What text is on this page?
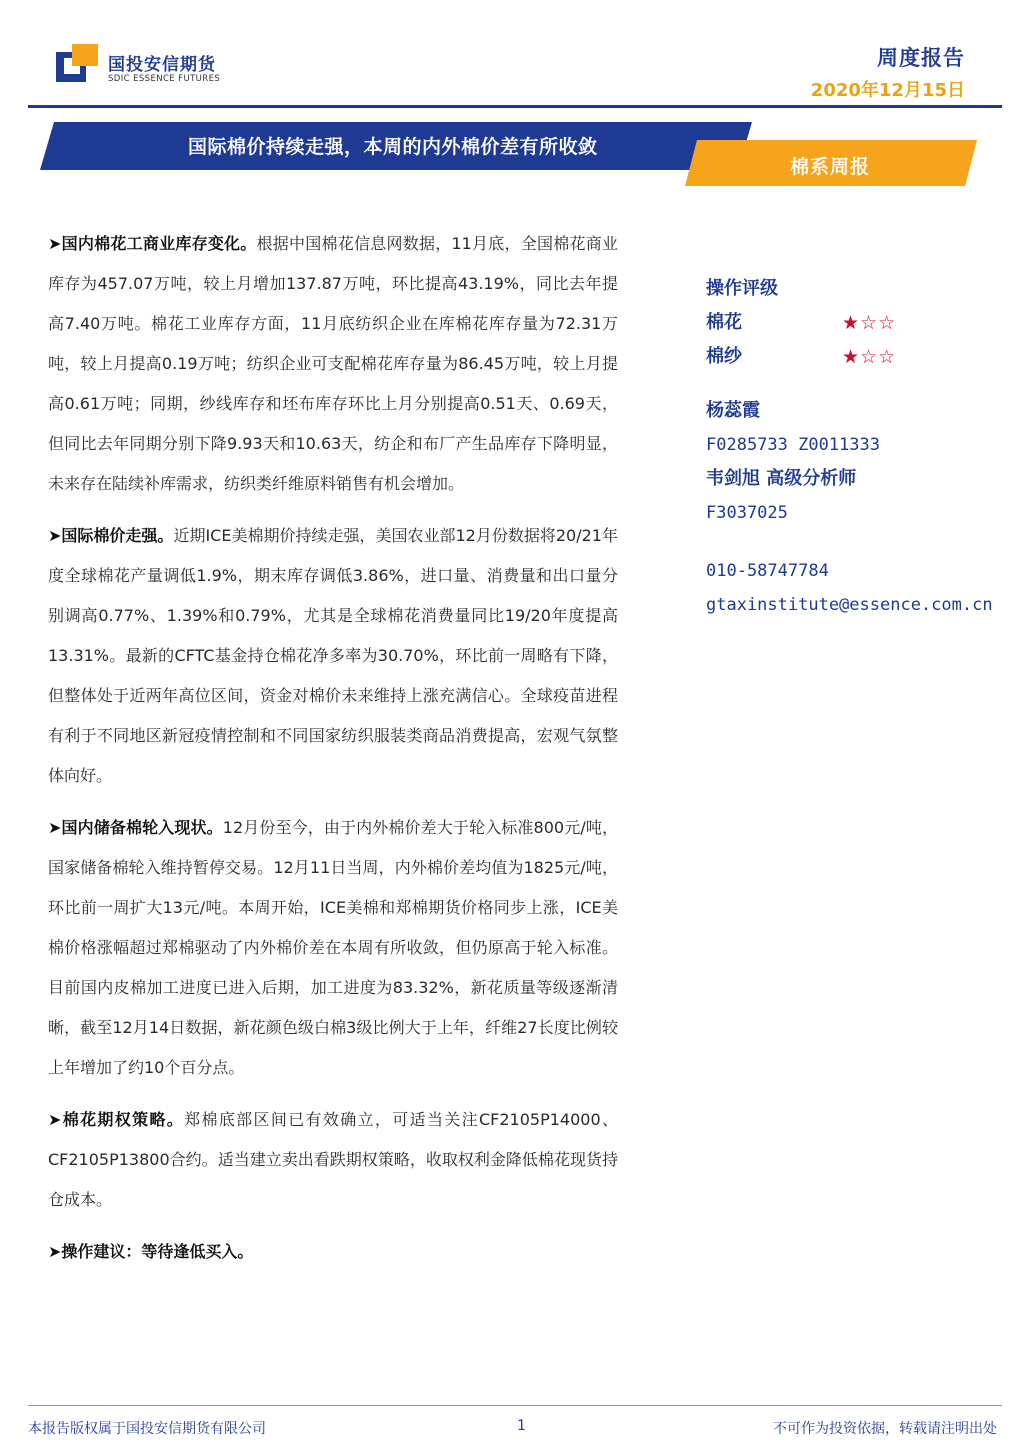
国投安信期货
SDIC ESSENCE FUTURES
周度报告
2020年12月15日
国际棉价持续走强，本周的内外棉价差有所收敛
棉系周报

➤国内棉花工商业库存变化。根据中国棉花信息网数据，11月底，全国棉花商业库存为457.07万吨，较上月增加137.87万吨，环比提高43.19%，同比去年提高7.40万吨。棉花工业库存方面，11月底纺织企业在库棉花库存量为72.31万吨，较上月提高0.19万吨；纺织企业可支配棉花库存量为86.45万吨，较上月提高0.61万吨；同期，纱线库存和坯布库存环比上月分别提高0.51天、0.69天，但同比去年同期分别下降9.93天和10.63天，纺企和布厂产生品库存下降明显，未来存在陆续补库需求，纺织类纤维原料销售有机会增加。

➤国际棉价走强。近期ICE美棉期价持续走强，美国农业部12月份数据将20/21年度全球棉花产量调低1.9%，期末库存调低3.86%，进口量、消费量和出口量分别调高0.77%、1.39%和0.79%，尤其是全球棉花消费量同比19/20年度提高13.31%。最新的CFTC基金持仓棉花净多率为30.70%，环比前一周略有下降，但整体处于近两年高位区间，资金对棉价未来维持上涨充满信心。全球疫苗进程有利于不同地区新冠疫情控制和不同国家纺织服装类商品消费提高，宏观气氛整体向好。

➤国内储备棉轮入现状。12月份至今，由于内外棉价差大于轮入标准800元/吨，国家储备棉轮入维持暂停交易。12月11日当周，内外棉价差均值为1825元/吨，环比前一周扩大13元/吨。本周开始，ICE美棉和郑棉期货价格同步上涨，ICE美棉价格涨幅超过郑棉驱动了内外棉价差在本周有所收敛，但仍原高于轮入标准。目前国内皮棉加工进度已进入后期，加工进度为83.32%，新花质量等级逐渐清晰，截至12月14日数据，新花颜色级白棉3级比例大于上年，纤维27长度比例较上年增加了约10个百分点。

➤棉花期权策略。郑棉底部区间已有效确立，可适当关注CF2105P14000、CF2105P13800合约。适当建立卖出看跌期权策略，收取权利金降低棉花现货持仓成本。

➤操作建议：等待逢低买入。

操作评级
棉花	★☆☆
棉纱	★☆☆
杨蕊霞
F0285733 Z0011333
韦剑旭 高级分析师
F3037025
010-58747784
gtaxinstitute@essence.com.cn
本报告版权属于国投安信期货有限公司	1	不可作为投资依据，转载请注明出处
